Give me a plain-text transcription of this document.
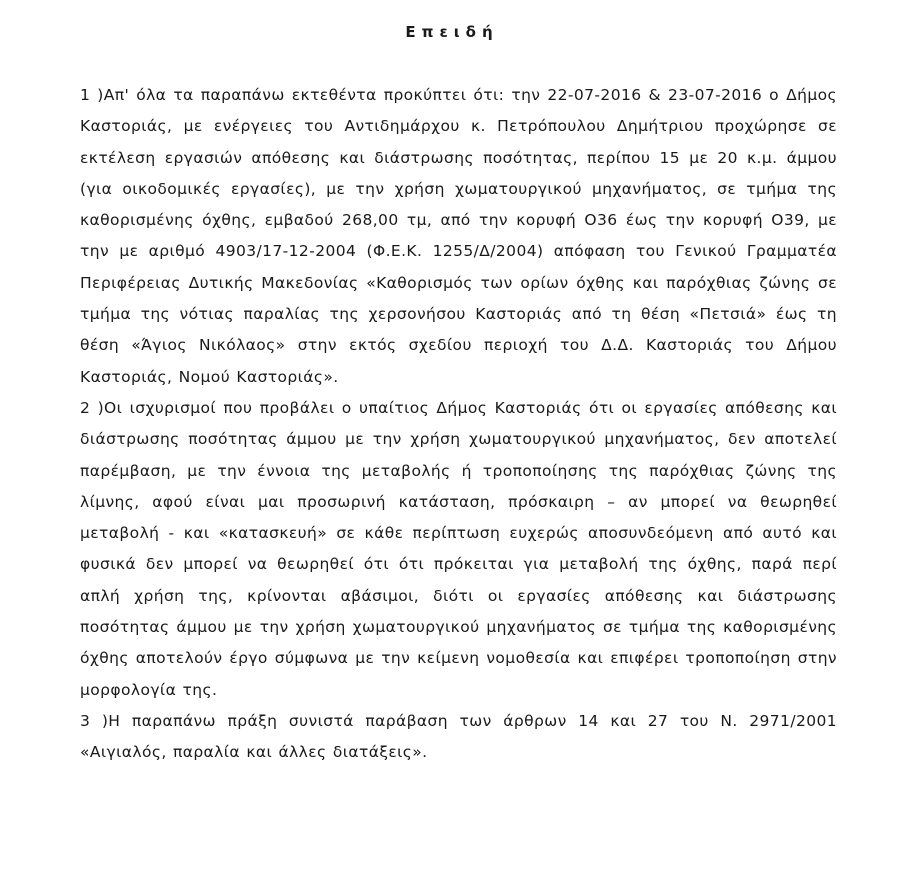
Επειδή

1 )Απ' όλα τα παραπάνω εκτεθέντα προκύπτει ότι: την 22-07-2016 & 23-07-2016 ο Δήμος Καστοριάς, με ενέργειες του Αντιδημάρχου κ. Πετρόπουλου Δημήτριου προχώρησε σε εκτέλεση εργασιών απόθεσης και διάστρωσης ποσότητας, περίπου 15 με 20 κ.μ. άμμου (για οικοδομικές εργασίες), με την χρήση χωματουργικού μηχανήματος, σε τμήμα της καθορισμένης όχθης, εμβαδού 268,00 τμ, από την κορυφή Ο36 έως την κορυφή Ο39, με την με αριθμό 4903/17-12-2004 (Φ.Ε.Κ. 1255/Δ/2004) απόφαση του Γενικού Γραμματέα Περιφέρειας Δυτικής Μακεδονίας «Καθορισμός των ορίων όχθης και παρόχθιας ζώνης σε τμήμα της νότιας παραλίας της χερσονήσου Καστοριάς από τη θέση «Πετσιά» έως τη θέση «Άγιος Νικόλαος» στην εκτός σχεδίου περιοχή του Δ.Δ. Καστοριάς του Δήμου Καστοριάς, Νομού Καστοριάς».

2 )Οι ισχυρισμοί που προβάλει ο υπαίτιος Δήμος Καστοριάς ότι οι εργασίες απόθεσης και διάστρωσης ποσότητας άμμου με την χρήση χωματουργικού μηχανήματος, δεν αποτελεί παρέμβαση, με την έννοια της μεταβολής ή τροποποίησης της παρόχθιας ζώνης της λίμνης, αφού είναι μαι προσωρινή κατάσταση, πρόσκαιρη – αν μπορεί να θεωρηθεί μεταβολή - και «κατασκευή» σε κάθε περίπτωση ευχερώς αποσυνδεόμενη από αυτό και φυσικά δεν μπορεί να θεωρηθεί ότι ότι πρόκειται για μεταβολή της όχθης, παρά περί απλή χρήση της, κρίνονται αβάσιμοι, διότι οι εργασίες απόθεσης και διάστρωσης ποσότητας άμμου με την χρήση χωματουργικού μηχανήματος σε τμήμα της καθορισμένης όχθης αποτελούν έργο σύμφωνα με την κείμενη νομοθεσία και επιφέρει τροποποίηση στην μορφολογία της.

3 )Η παραπάνω πράξη συνιστά παράβαση των άρθρων 14 και 27 του Ν. 2971/2001 «Αιγιαλός, παραλία και άλλες διατάξεις».
